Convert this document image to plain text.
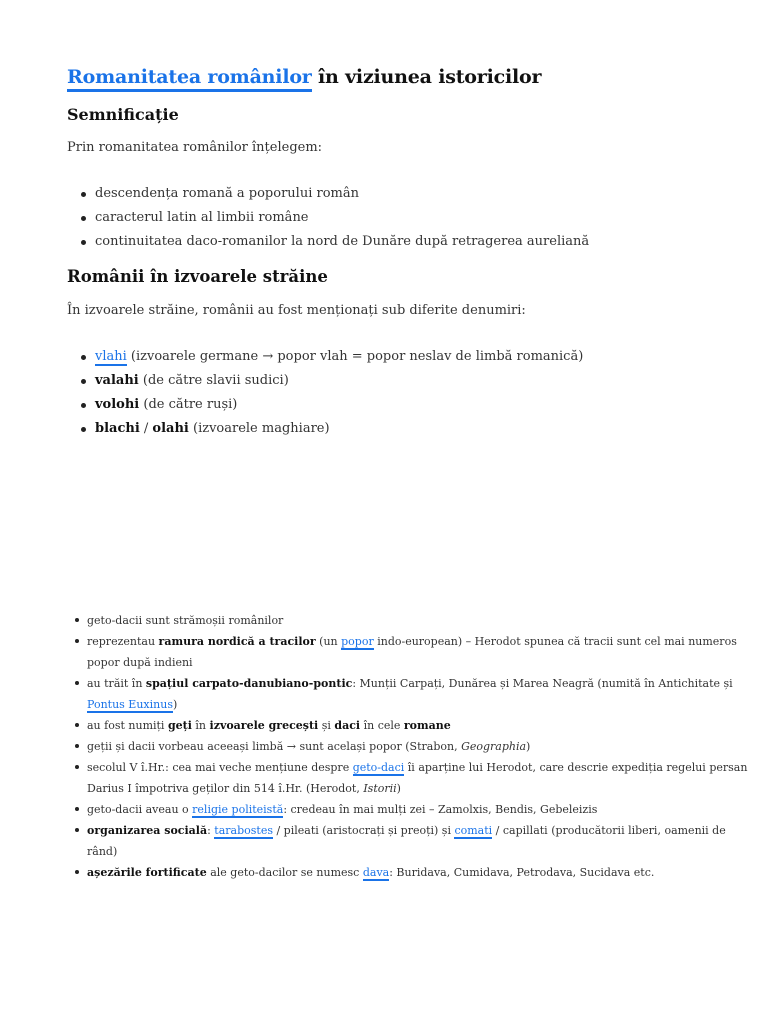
Romanitatea românilor în viziunea istoricilor
Semnificație

Prin romanitatea românilor înțelegem:

descendența romană a poporului român
caracterul latin al limbii române
continuitatea daco-romanilor la nord de Dunăre după retragerea aureliană
Românii în izvoarele străine

În izvoarele străine, românii au fost menționați sub diferite denumiri:

vlahi (izvoarele germane → popor vlah = popor neslav de limbă romanică)
valahi (de către slavii sudici)
volohi (de către ruși)
blachi / olahi (izvoarele maghiare)
geto-dacii sunt strămoșii românilor
reprezentau ramura nordică a tracilor (un popor indo-european) – Herodot spunea că tracii sunt cel mai numeros popor după indieni
au trăit în spațiul carpato-danubiano-pontic: Munții Carpați, Dunărea și Marea Neagră (numită în Antichitate și Pontus Euxinus)
au fost numiți geți în izvoarele grecești și daci în cele romane
geții și dacii vorbeau aceeași limbă → sunt același popor (Strabon, Geographia)
secolul V î.Hr.: cea mai veche mențiune despre geto-daci îi aparține lui Herodot, care descrie expediția regelui persan Darius I împotriva geților din 514 î.Hr. (Herodot, Istorii)
geto-dacii aveau o religie politeistă: credeau în mai mulți zei – Zamolxis, Bendis, Gebeleizis
organizarea socială: tarabostes / pileati (aristocrați și preoți) și comati / capillati (producătorii liberi, oamenii de rând)
așezările fortificate ale geto-dacilor se numesc dava: Buridava, Cumidava, Petrodava, Sucidava etc.
